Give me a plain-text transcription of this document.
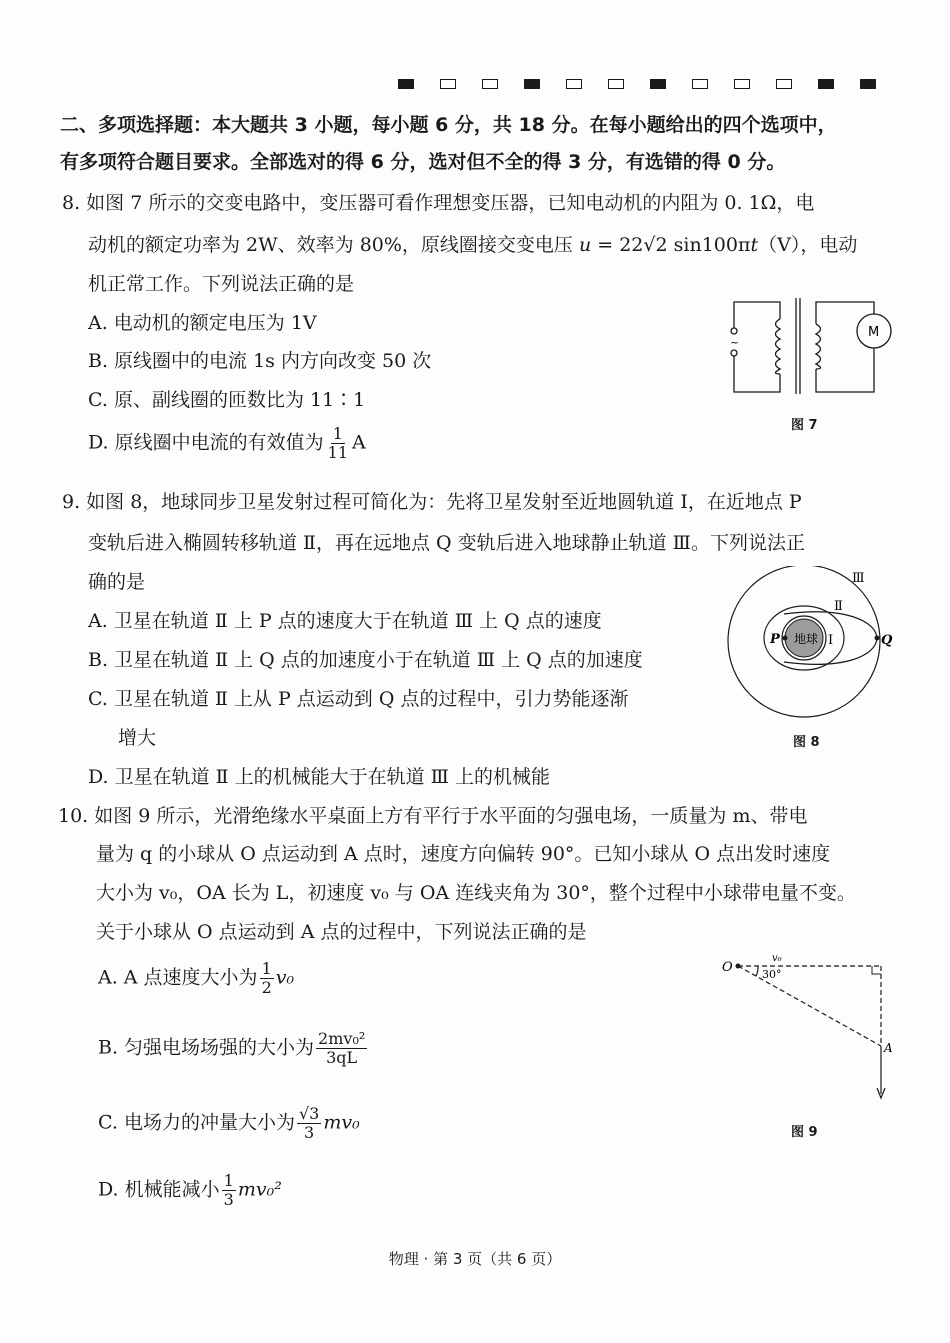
二、多项选择题：本大题共 3 小题，每小题 6 分，共 18 分。在每小题给出的四个选项中，
有多项符合题目要求。全部选对的得 6 分，选对但不全的得 3 分，有选错的得 0 分。
8. 如图 7 所示的交变电路中，变压器可看作理想变压器，已知电动机的内阻为 0. 1Ω，电
动机的额定功率为 2W、效率为 80%，原线圈接交变电压 u = 22√2 sin100πt（V），电动
机正常工作。下列说法正确的是
A. 电动机的额定电压为 1V
B. 原线圈中的电流 1s 内方向改变 50 次
C. 原、副线圈的匝数比为 11∶1
D. 原线圈中电流的有效值为 $\frac{1}{11}$ A
~
M
图 7
9. 如图 8，地球同步卫星发射过程可简化为：先将卫星发射至近地圆轨道 Ⅰ，在近地点 P
变轨后进入椭圆转移轨道 Ⅱ，再在远地点 Q 变轨后进入地球静止轨道 Ⅲ。下列说法正
确的是
A. 卫星在轨道 Ⅱ 上 P 点的速度大于在轨道 Ⅲ 上 Q 点的速度
B. 卫星在轨道 Ⅱ 上 Q 点的加速度小于在轨道 Ⅲ 上 Q 点的加速度
C. 卫星在轨道 Ⅱ 上从 P 点运动到 Q 点的过程中，引力势能逐渐
增大
D. 卫星在轨道 Ⅱ 上的机械能大于在轨道 Ⅲ 上的机械能
地球
P	Q
I
Ⅱ
Ⅲ
图 8
10. 如图 9 所示，光滑绝缘水平桌面上方有平行于水平面的匀强电场，一质量为 m、带电
量为 q 的小球从 O 点运动到 A 点时，速度方向偏转 90°。已知小球从 O 点出发时速度
大小为 v₀，OA 长为 L，初速度 v₀ 与 OA 连线夹角为 30°，整个过程中小球带电量不变。
关于小球从 O 点运动到 A 点的过程中，下列说法正确的是
A. A 点速度大小为 $\frac{1}{2} v_0$
B. 匀强电场场强的大小为 $\frac{\text{2mv₀²}}{3qL}$
C. 电场力的冲量大小为 $\frac{√3}{3} mv_0$
D. 机械能减小 $\frac{1}{3} mv_0^2$
O
v₀
30°
A
图 9
物理 · 第 3 页（共 6 页）
